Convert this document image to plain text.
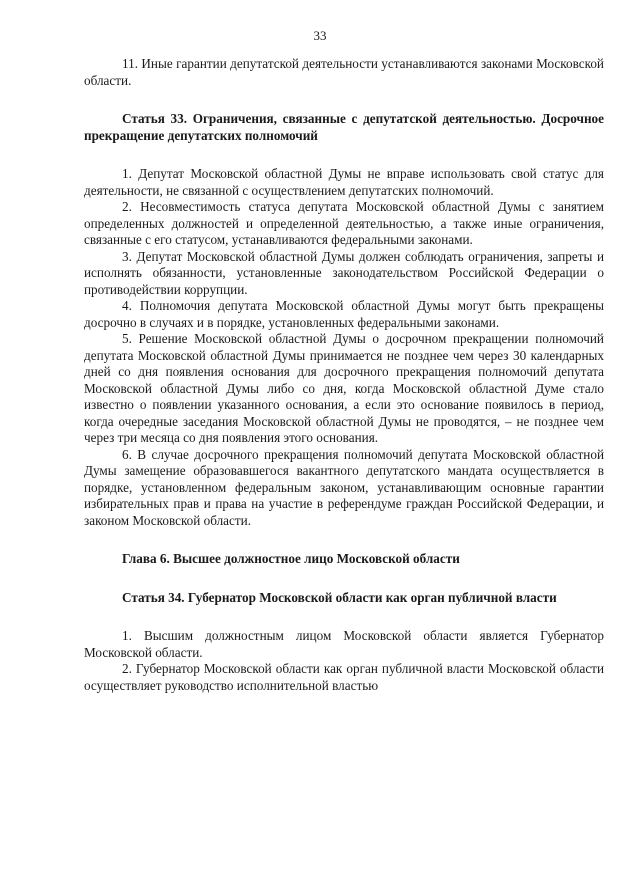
33

11. Иные гарантии депутатской деятельности устанавливаются законами Московской области.

Статья 33. Ограничения, связанные с депутатской деятельностью. Досрочное прекращение депутатских полномочий

1. Депутат Московской областной Думы не вправе использовать свой статус для деятельности, не связанной с осуществлением депутатских полномочий.

2. Несовместимость статуса депутата Московской областной Думы с занятием определенных должностей и определенной деятельностью, а также иные ограничения, связанные с его статусом, устанавливаются федеральными законами.

3. Депутат Московской областной Думы должен соблюдать ограничения, запреты и исполнять обязанности, установленные законодательством Российской Федерации о противодействии коррупции.

4. Полномочия депутата Московской областной Думы могут быть прекращены досрочно в случаях и в порядке, установленных федеральными законами.

5. Решение Московской областной Думы о досрочном прекращении полномочий депутата Московской областной Думы принимается не позднее чем через 30 календарных дней со дня появления основания для досрочного прекращения полномочий депутата Московской областной Думы либо со дня, когда Московской областной Думе стало известно о появлении указанного основания, а если это основание появилось в период, когда очередные заседания Московской областной Думы не проводятся, – не позднее чем через три месяца со дня появления этого основания.

6. В случае досрочного прекращения полномочий депутата Московской областной Думы замещение образовавшегося вакантного депутатского мандата осуществляется в порядке, установленном федеральным законом, устанавливающим основные гарантии избирательных прав и права на участие в референдуме граждан Российской Федерации, и законом Московской области.

Глава 6. Высшее должностное лицо Московской области

Статья 34. Губернатор Московской области как орган публичной власти

1. Высшим должностным лицом Московской области является Губернатор Московской области.

2. Губернатор Московской области как орган публичной власти Московской области осуществляет руководство исполнительной властью
